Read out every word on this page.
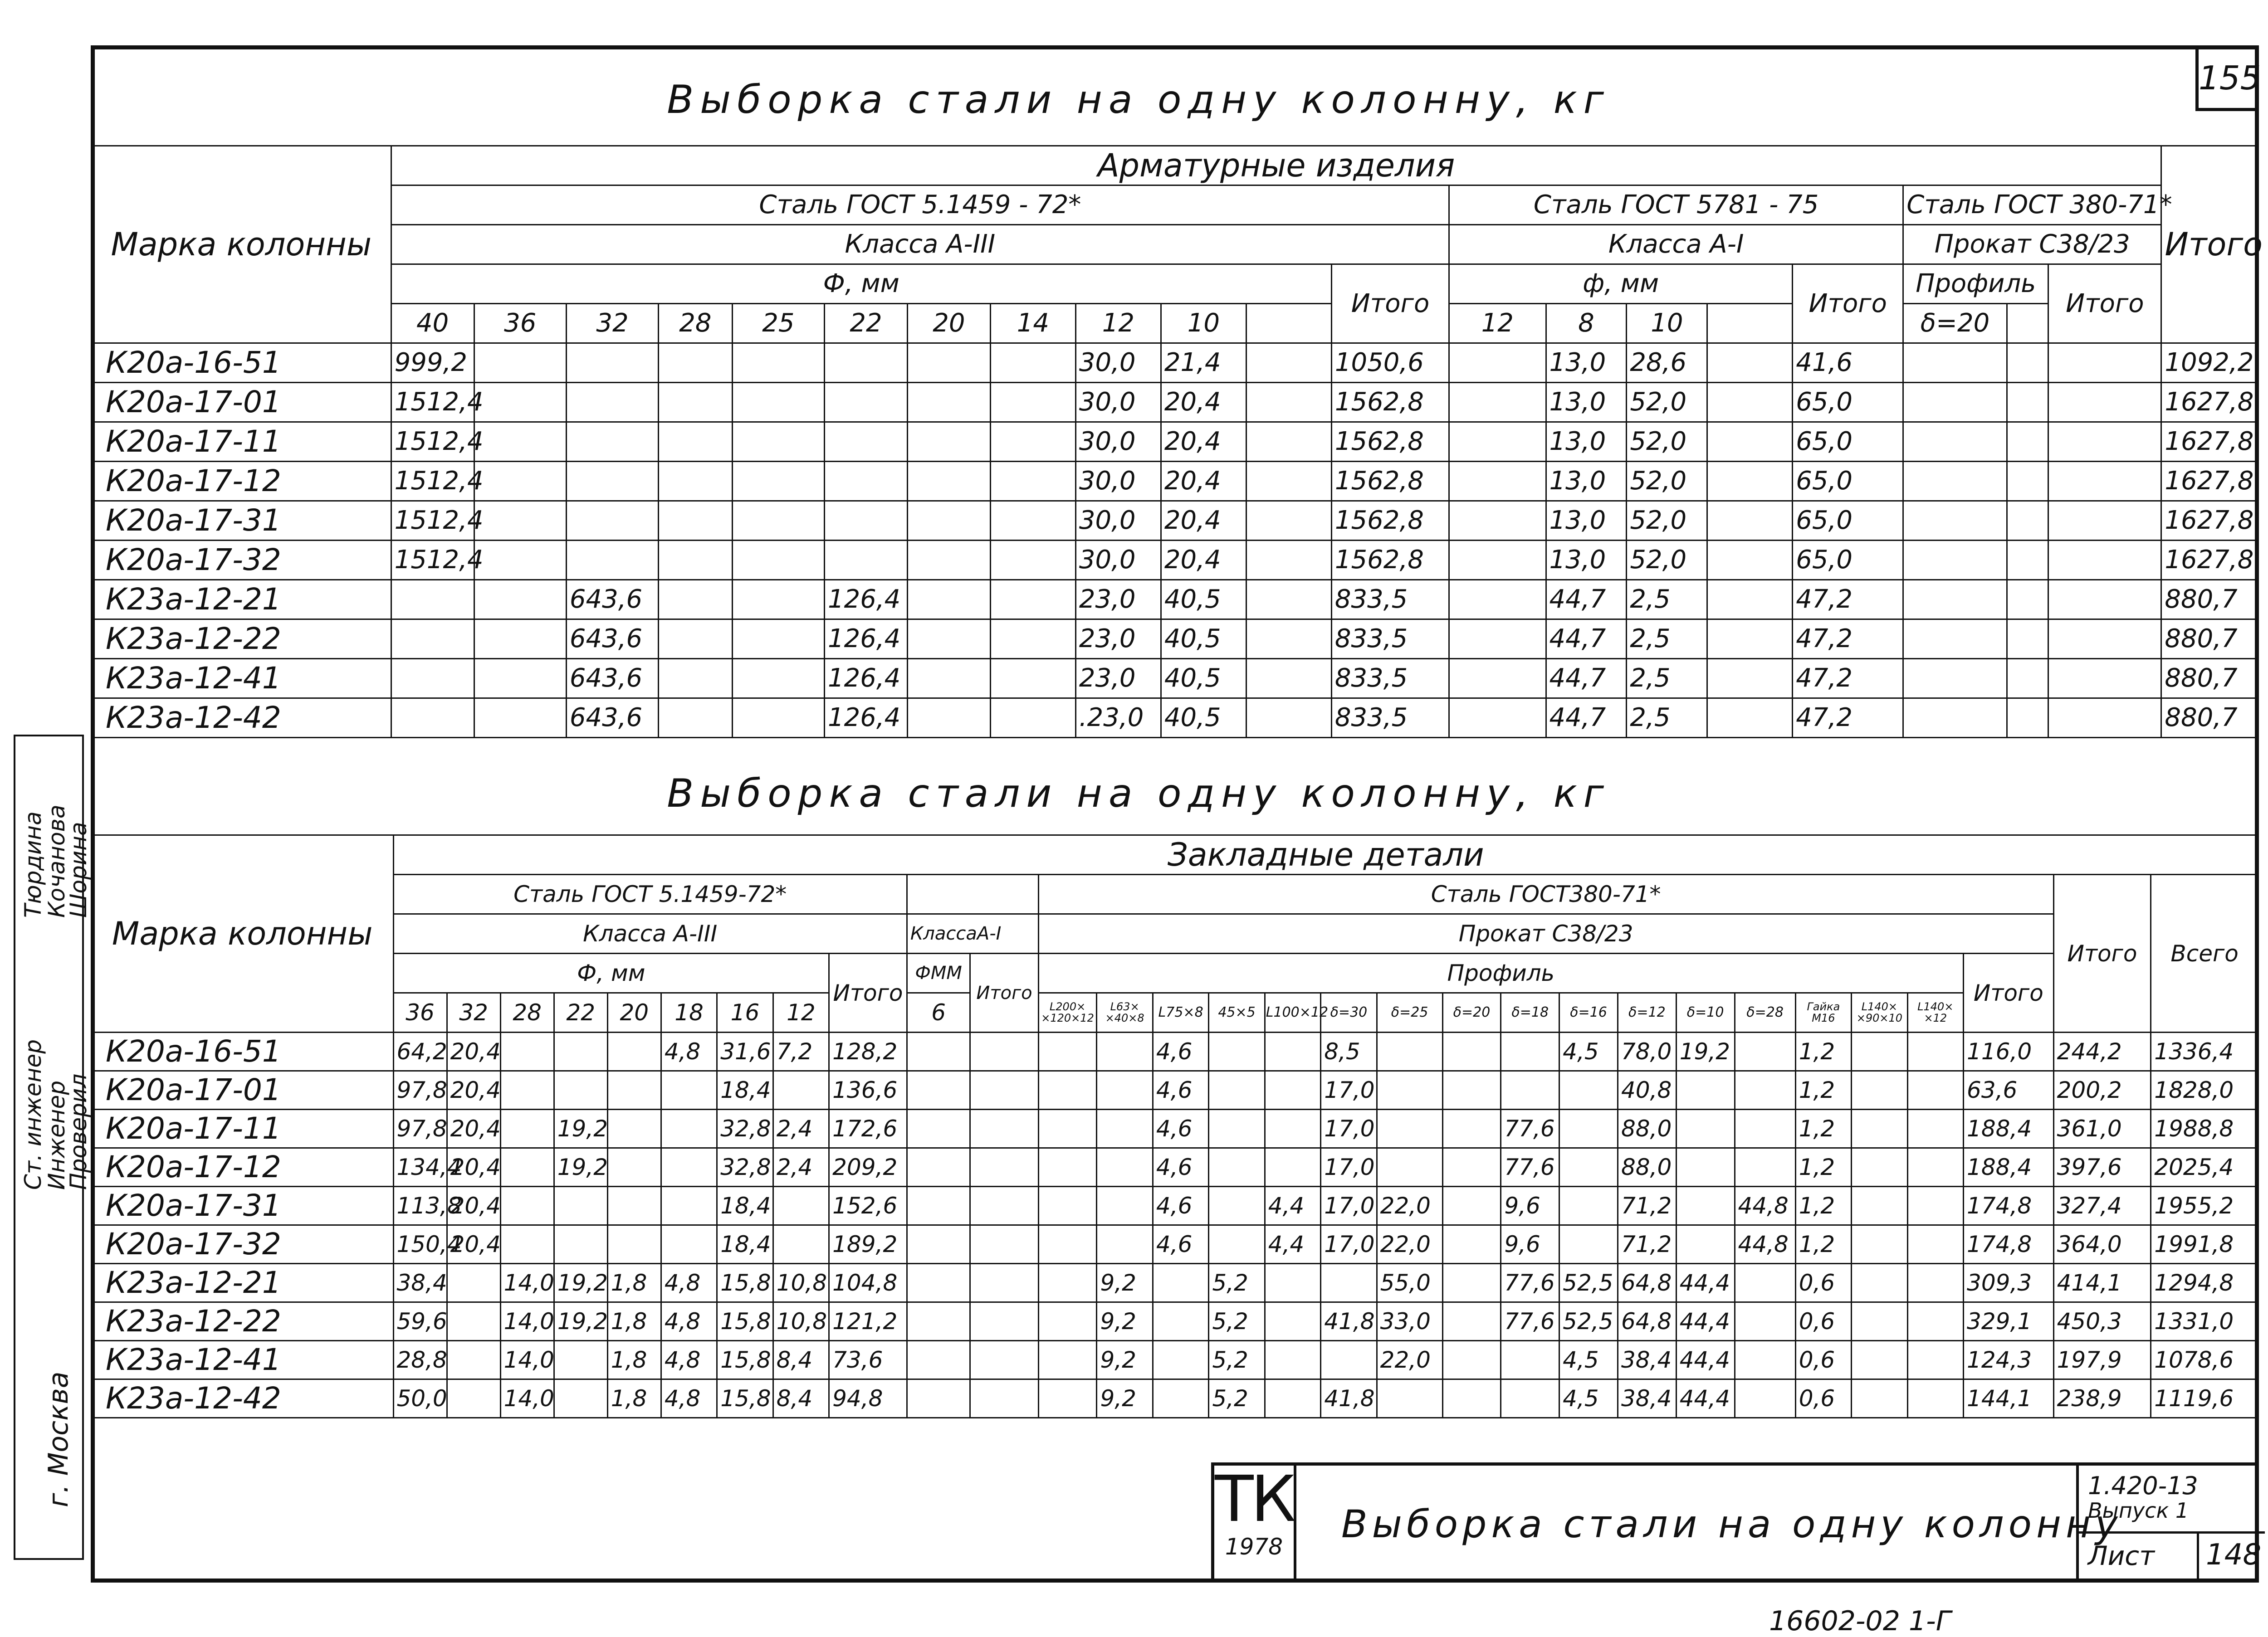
155
Ст. инженер
Инженер
Проверил
Тюрдина
Кочанова
Шорина
г. Москва
Выборка стали на одну колонну, кг
Марка колонны	Арматурные изделия																				Итого
	Сталь ГОСТ 5.1459 - 72*												Сталь ГОСТ 5781 - 75					Сталь ГОСТ 380-71*			
	Класса А-III												Класса А-I					Прокат С38/23			
	Ф, мм											Итого	ф, мм				Итого	Профиль		Итого	
	40	36	32	28	25	22	20	14	12	10			12	8	10			δ=20			
К20а-16-51	999,2								30,0	21,4		1050,6		13,0	28,6		41,6				1092,2
К20а-17-01	1512,4								30,0	20,4		1562,8		13,0	52,0		65,0				1627,8
К20а-17-11	1512,4								30,0	20,4		1562,8		13,0	52,0		65,0				1627,8
К20а-17-12	1512,4								30,0	20,4		1562,8		13,0	52,0		65,0				1627,8
К20а-17-31	1512,4								30,0	20,4		1562,8		13,0	52,0		65,0				1627,8
К20а-17-32	1512,4								30,0	20,4		1562,8		13,0	52,0		65,0				1627,8
К23а-12-21			643,6			126,4			23,0	40,5		833,5		44,7	2,5		47,2				880,7
К23а-12-22			643,6			126,4			23,0	40,5		833,5		44,7	2,5		47,2				880,7
К23а-12-41			643,6			126,4			23,0	40,5		833,5		44,7	2,5		47,2				880,7
К23а-12-42			643,6			126,4			.23,0	40,5		833,5		44,7	2,5		47,2				880,7
Выборка стали на одну колонну, кг
Марка колонны	Закладные детали																													
	Сталь ГОСТ 5.1459-72*											Сталь ГОСТ380-71*																	Итого	Всего
	Класса А-III									КлассаА-I		Прокат С38/23																		
	Ф, мм								Итого	ФММ	Итого	Профиль																Итого		
	36	32	28	22	20	18	16	12		6		L200× ×120×12	L63× ×40×8	L75×8	45×5	L100×12	δ=30	δ=25	δ=20	δ=18	δ=16	δ=12	δ=10	δ=28	Гайка М16	L140× ×90×10	L140× ×12			
К20а-16-51	64,2	20,4				4,8	31,6	7,2	128,2					4,6			8,5				4,5	78,0	19,2		1,2			116,0	244,2	1336,4
К20а-17-01	97,8	20,4					18,4		136,6					4,6			17,0					40,8			1,2			63,6	200,2	1828,0
К20а-17-11	97,8	20,4		19,2			32,8	2,4	172,6					4,6			17,0			77,6		88,0			1,2			188,4	361,0	1988,8
К20а-17-12	134,4	20,4		19,2			32,8	2,4	209,2					4,6			17,0			77,6		88,0			1,2			188,4	397,6	2025,4
К20а-17-31	113,8	20,4					18,4		152,6					4,6		4,4	17,0	22,0		9,6		71,2		44,8	1,2			174,8	327,4	1955,2
К20а-17-32	150,4	20,4					18,4		189,2					4,6		4,4	17,0	22,0		9,6		71,2		44,8	1,2			174,8	364,0	1991,8
К23а-12-21	38,4		14,0	19,2	1,8	4,8	15,8	10,8	104,8				9,2		5,2			55,0		77,6	52,5	64,8	44,4		0,6			309,3	414,1	1294,8
К23а-12-22	59,6		14,0	19,2	1,8	4,8	15,8	10,8	121,2				9,2		5,2		41,8	33,0		77,6	52,5	64,8	44,4		0,6			329,1	450,3	1331,0
К23а-12-41	28,8		14,0		1,8	4,8	15,8	8,4	73,6				9,2		5,2			22,0			4,5	38,4	44,4		0,6			124,3	197,9	1078,6
К23а-12-42	50,0		14,0		1,8	4,8	15,8	8,4	94,8				9,2		5,2		41,8				4,5	38,4	44,4		0,6			144,1	238,9	1119,6
ТК
1978
Выборка стали на одну колонну
1.420-13
Выпуск 1
Лист 148
16602-02 1-Г
